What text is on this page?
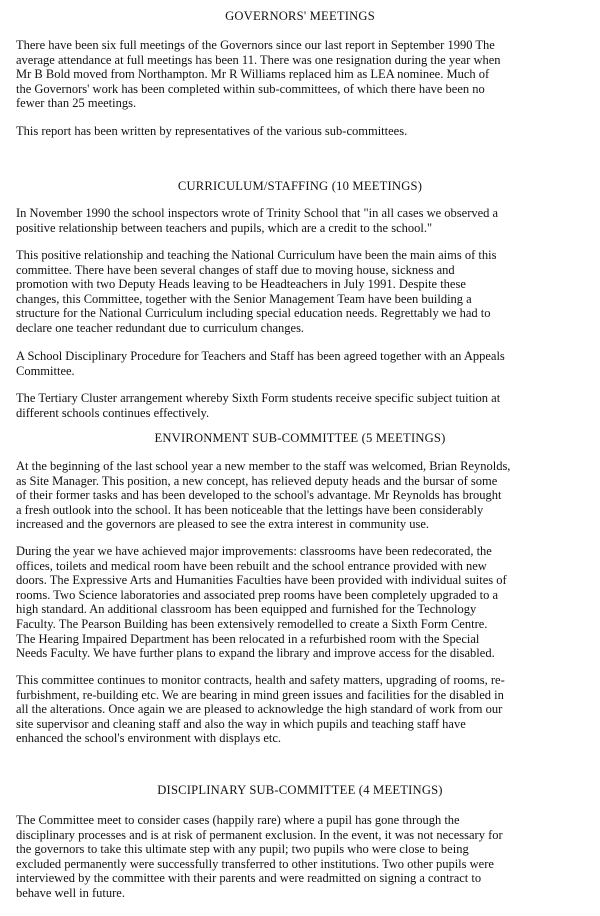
GOVERNORS' MEETINGS
There have been six full meetings of the Governors since our last report in September 1990 The
average attendance at full meetings has been 11. There was one resignation during the year when
Mr B Bold moved from Northampton. Mr R Williams replaced him as LEA nominee. Much of
the Governors' work has been completed within sub-committees, of which there have been no
fewer than 25 meetings.
This report has been written by representatives of the various sub-committees.
CURRICULUM/STAFFING (10 MEETINGS)
In November 1990 the school inspectors wrote of Trinity School that "in all cases we observed a
positive relationship between teachers and pupils, which are a credit to the school."
This positive relationship and teaching the National Curriculum have been the main aims of this
committee. There have been several changes of staff due to moving house, sickness and
promotion with two Deputy Heads leaving to be Headteachers in July 1991. Despite these
changes, this Committee, together with the Senior Management Team have been building a
structure for the National Curriculum including special education needs. Regrettably we had to
declare one teacher redundant due to curriculum changes.
A School Disciplinary Procedure for Teachers and Staff has been agreed together with an Appeals
Committee.
The Tertiary Cluster arrangement whereby Sixth Form students receive specific subject tuition at
different schools continues effectively.
ENVIRONMENT SUB-COMMITTEE (5 MEETINGS)
At the beginning of the last school year a new member to the staff was welcomed, Brian Reynolds,
as Site Manager. This position, a new concept, has relieved deputy heads and the bursar of some
of their former tasks and has been developed to the school's advantage. Mr Reynolds has brought
a fresh outlook into the school. It has been noticeable that the lettings have been considerably
increased and the governors are pleased to see the extra interest in community use.
During the year we have achieved major improvements: classrooms have been redecorated, the
offices, toilets and medical room have been rebuilt and the school entrance provided with new
doors. The Expressive Arts and Humanities Faculties have been provided with individual suites of
rooms. Two Science laboratories and associated prep rooms have been completely upgraded to a
high standard. An additional classroom has been equipped and furnished for the Technology
Faculty. The Pearson Building has been extensively remodelled to create a Sixth Form Centre.
The Hearing Impaired Department has been relocated in a refurbished room with the Special
Needs Faculty. We have further plans to expand the library and improve access for the disabled.
This committee continues to monitor contracts, health and safety matters, upgrading of rooms, re-
furbishment, re-building etc. We are bearing in mind green issues and facilities for the disabled in
all the alterations. Once again we are pleased to acknowledge the high standard of work from our
site supervisor and cleaning staff and also the way in which pupils and teaching staff have
enhanced the school's environment with displays etc.
DISCIPLINARY SUB-COMMITTEE (4 MEETINGS)
The Committee meet to consider cases (happily rare) where a pupil has gone through the
disciplinary processes and is at risk of permanent exclusion. In the event, it was not necessary for
the governors to take this ultimate step with any pupil; two pupils who were close to being
excluded permanently were successfully transferred to other institutions. Two other pupils were
interviewed by the committee with their parents and were readmitted on signing a contract to
behave well in future.
